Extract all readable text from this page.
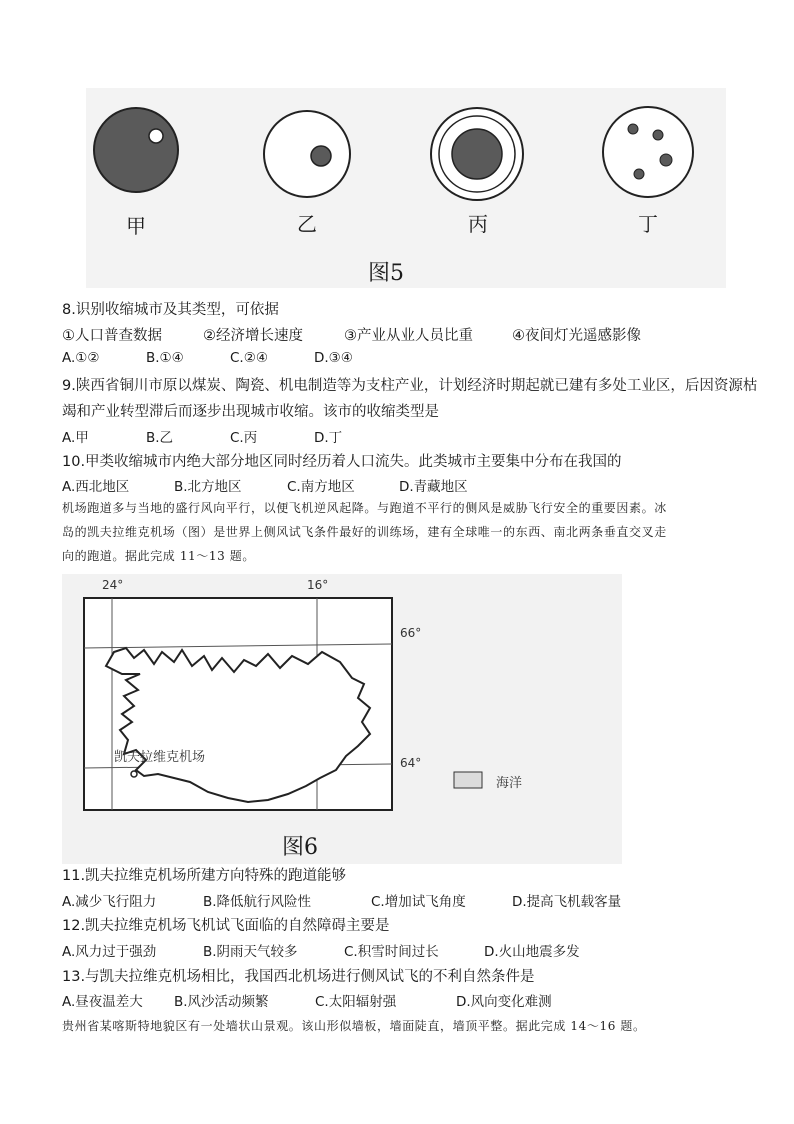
甲	乙	丙	丁
图5
8.识别收缩城市及其类型，可依据
①人口普查数据	②经济增长速度	③产业从业人员比重	④夜间灯光遥感影像
A.①②	B.①④	C.②④	D.③④
9.陕西省铜川市原以煤炭、陶瓷、机电制造等为支柱产业，计划经济时期起就已建有多处工业区，后因资源枯
竭和产业转型滞后而逐步出现城市收缩。该市的收缩类型是
A.甲	B.乙	C.丙	D.丁
10.甲类收缩城市内绝大部分地区同时经历着人口流失。此类城市主要集中分布在我国的
A.西北地区	B.北方地区	C.南方地区	D.青藏地区
机场跑道多与当地的盛行风向平行，以便飞机逆风起降。与跑道不平行的侧风是威胁飞行安全的重要因素。冰
岛的凯夫拉维克机场（图）是世界上侧风试飞条件最好的训练场，建有全球唯一的东西、南北两条垂直交叉走
向的跑道。据此完成 11～13 题。
24°	16°
66°
64°
凯夫拉维克机场
海洋
图6
11.凯夫拉维克机场所建方向特殊的跑道能够
A.减少飞行阻力	B.降低航行风险性	C.增加试飞角度	D.提高飞机载客量
12.凯夫拉维克机场飞机试飞面临的自然障碍主要是
A.风力过于强劲	B.阴雨天气较多	C.积雪时间过长	D.火山地震多发
13.与凯夫拉维克机场相比，我国西北机场进行侧风试飞的不利自然条件是
A.昼夜温差大 B.风沙活动频繁	C.太阳辐射强	D.风向变化难测
贵州省某喀斯特地貌区有一处墙状山景观。该山形似墙板，墙面陡直，墙顶平整。据此完成 14～16 题。
